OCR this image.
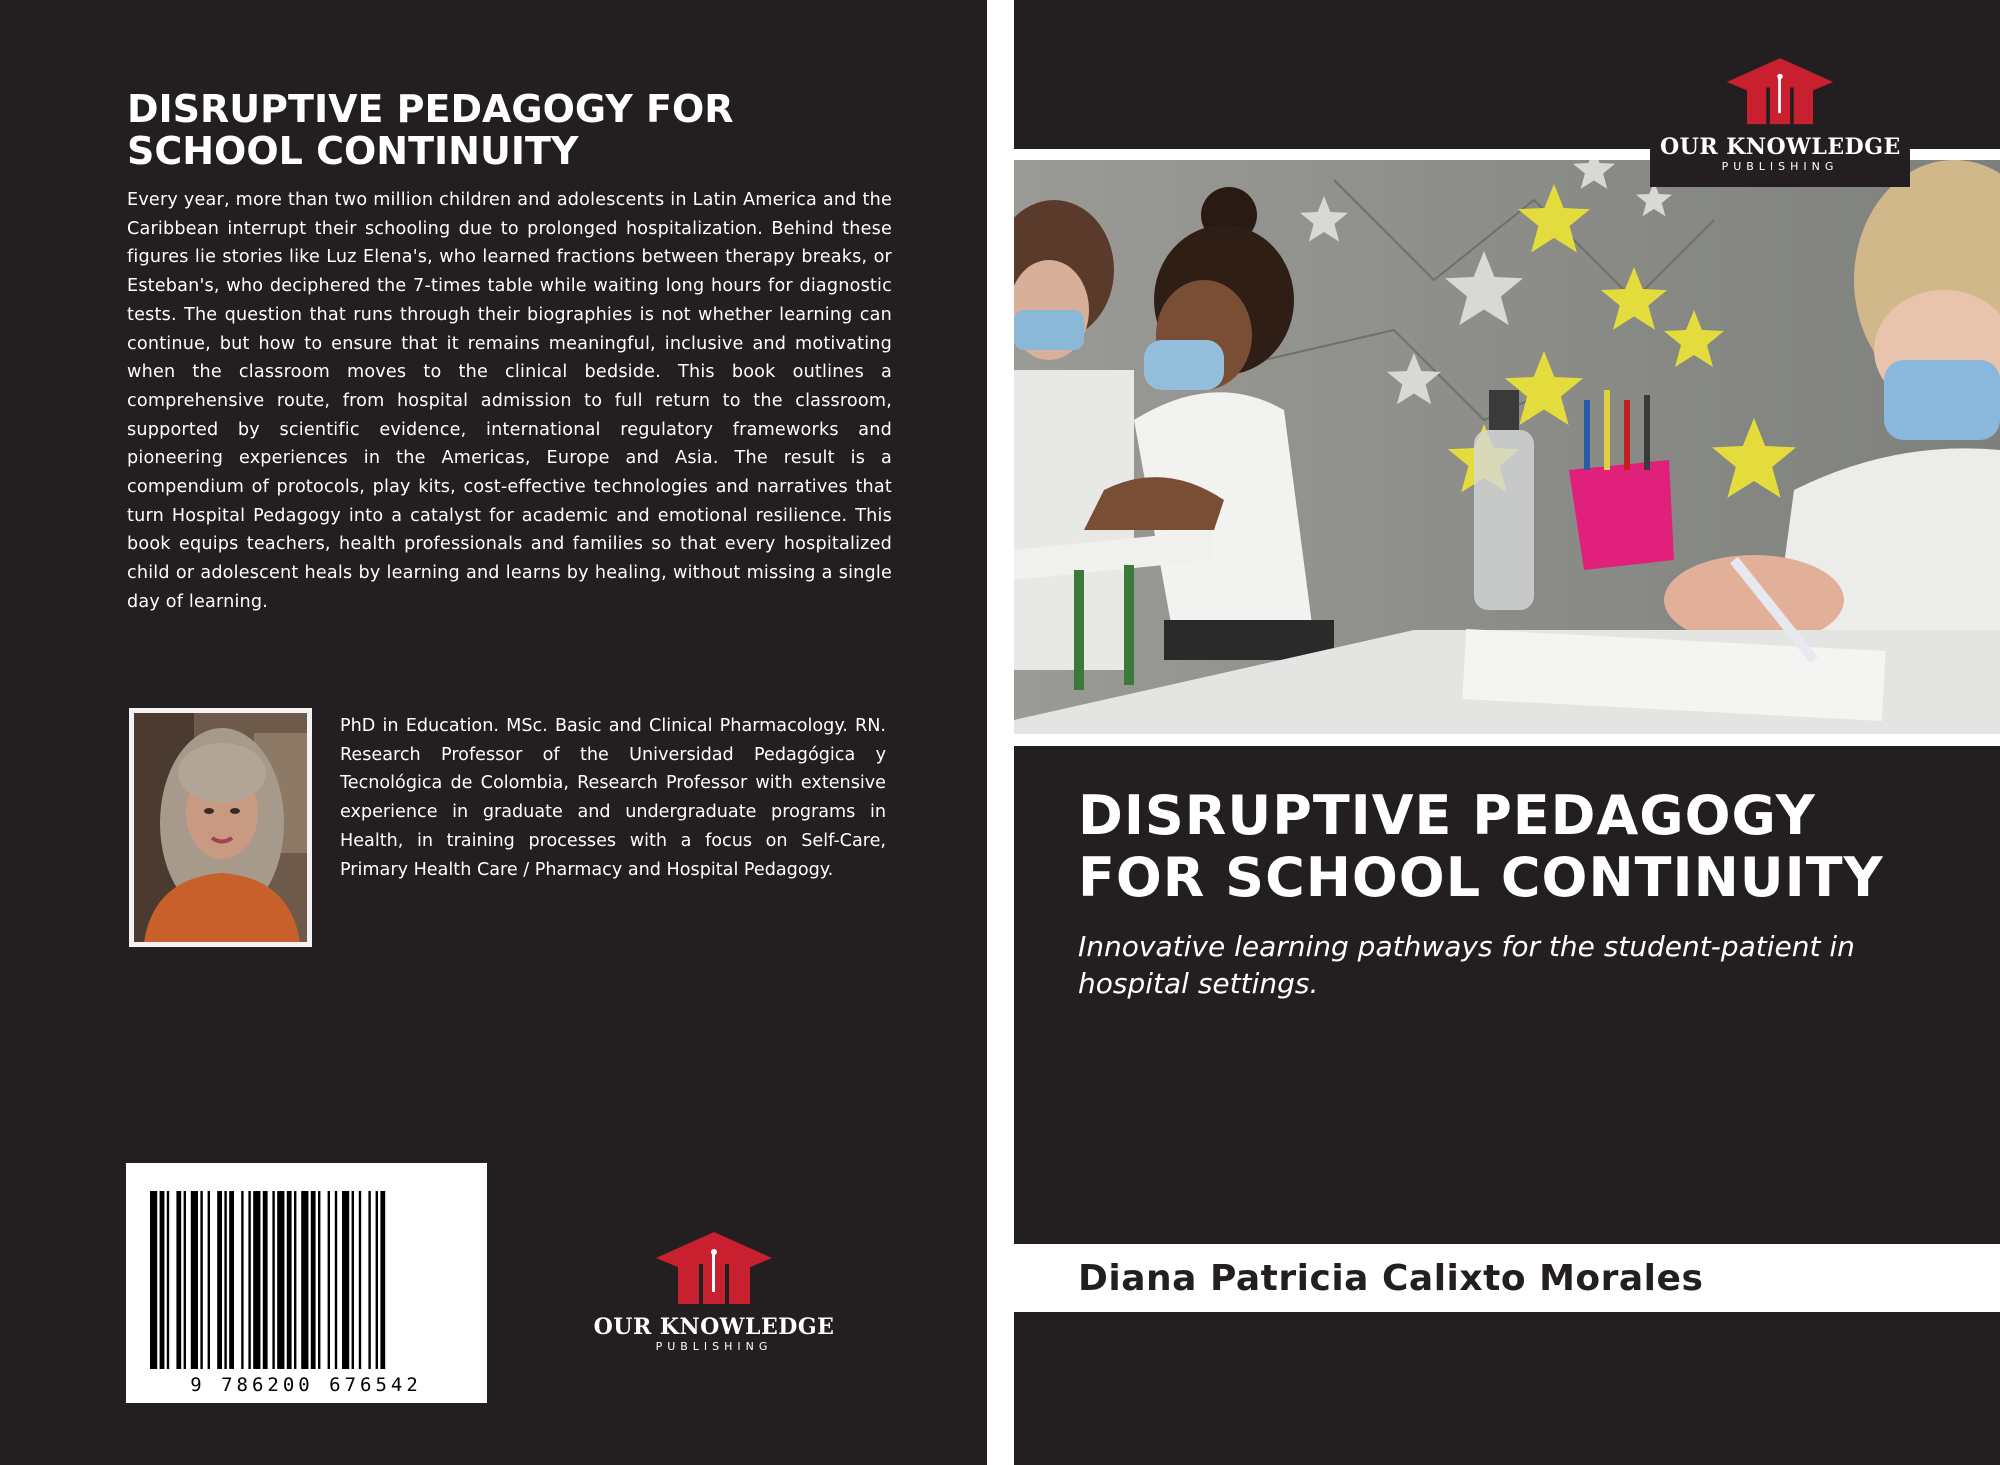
DISRUPTIVE PEDAGOGY FOR
SCHOOL CONTINUITY

Every year, more than two million children and adolescents in Latin America and the Caribbean interrupt their schooling due to prolonged hospitalization. Behind these figures lie stories like Luz Elena's, who learned fractions between therapy breaks, or Esteban's, who deciphered the 7-times table while waiting long hours for diagnostic tests. The question that runs through their biographies is not whether learning can continue, but how to ensure that it remains meaningful, inclusive and motivating when the classroom moves to the clinical bedside. This book outlines a comprehensive route, from hospital admission to full return to the classroom, supported by scientific evidence, international regulatory frameworks and pioneering experiences in the Americas, Europe and Asia. The result is a compendium of protocols, play kits, cost-effective technologies and narratives that turn Hospital Pedagogy into a catalyst for academic and emotional resilience. This book equips teachers, health professionals and families so that every hospitalized child or adolescent heals by learning and learns by healing, without missing a single day of learning.

PhD in Education. MSc. Basic and Clinical Pharmacology. RN. Research Professor of the Universidad Pedagógica y Tecnológica de Colombia, Research Professor with extensive experience in graduate and undergraduate programs in Health, in training processes with a focus on Self-Care, Primary Health Care / Pharmacy and Hospital Pedagogy.

9 786200 676542
OUR KNOWLEDGE
PUBLISHING
OUR KNOWLEDGE
PUBLISHING
DISRUPTIVE PEDAGOGY
FOR SCHOOL CONTINUITY

Innovative learning pathways for the student-patient in hospital settings.

Diana Patricia Calixto Morales
